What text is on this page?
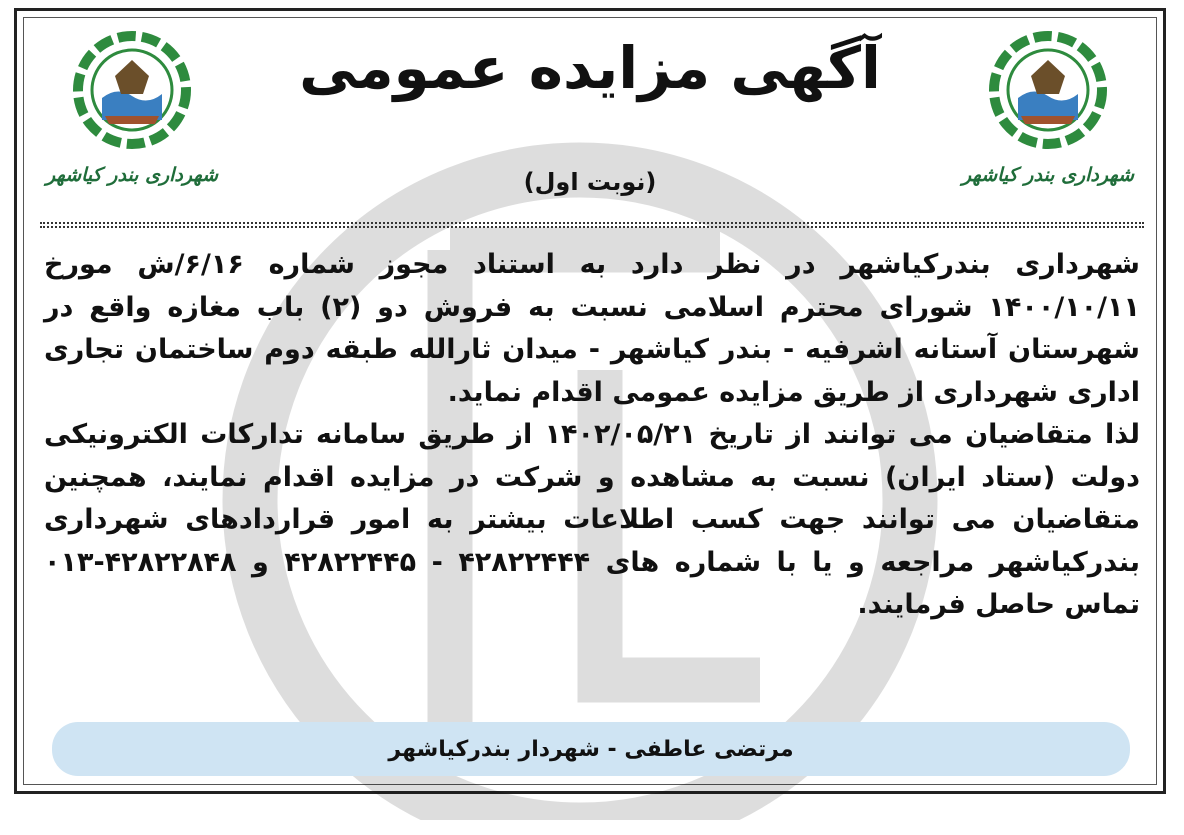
شهرداری بندر کیاشهر	شهرداری بندر کیاشهر
آگهی مزایده عمومی
(نوبت اول)

شهرداری بندرکیاشهر در نظر دارد به استناد مجوز شماره ۶/۱۶/ش مورخ ۱۴۰۰/۱۰/۱۱ شورای محترم اسلامی نسبت به فروش دو (۲) باب مغازه واقع در شهرستان آستانه اشرفیه - بندر کیاشهر - میدان ثارالله طبقه دوم ساختمان تجاری اداری شهرداری از طریق مزایده عمومی اقدام نماید.

لذا متقاضیان می توانند از تاریخ ۱۴۰۲/۰۵/۲۱ از طریق سامانه تدارکات الکترونیکی دولت (ستاد ایران) نسبت به مشاهده و شرکت در مزایده اقدام نمایند، همچنین متقاضیان می توانند جهت کسب اطلاعات بیشتر به امور قراردادهای شهرداری بندرکیاشهر مراجعه و یا با شماره های ۴۲۸۲۲۴۴۴ - ۴۲۸۲۲۴۴۵ و ۴۲۸۲۲۸۴۸-۰۱۳ تماس حاصل فرمایند.

مرتضی عاطفی - شهردار بندرکیاشهر
